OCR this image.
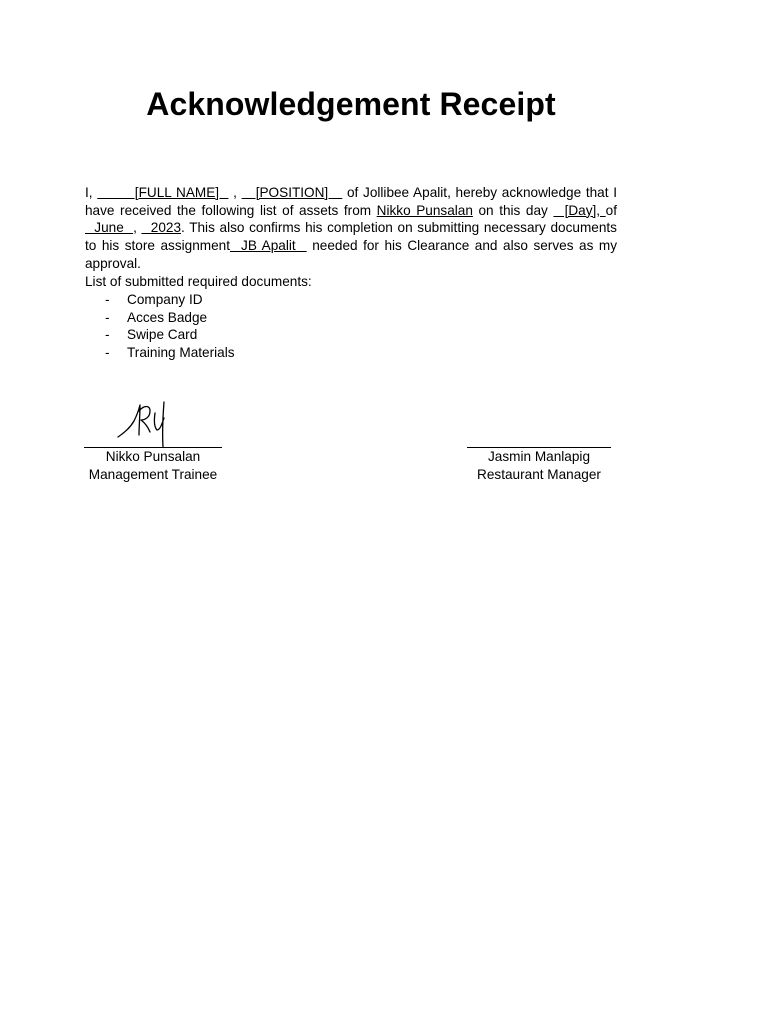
Acknowledgement Receipt
I,         [FULL NAME]   ,    [POSITION]    of Jollibee Apalit, hereby acknowledge that I have received the following list of assets from Nikko Punsalan on this day   [Day], of   June  ,   2023. This also confirms his completion on submitting necessary documents to his store assignment  JB Apalit   needed for his Clearance and also serves as my approval.
List of submitted required documents:
- Company ID
- Acces Badge
- Swipe Card
- Training Materials
Nikko Punsalan
Management Trainee
Jasmin Manlapig
Restaurant Manager
